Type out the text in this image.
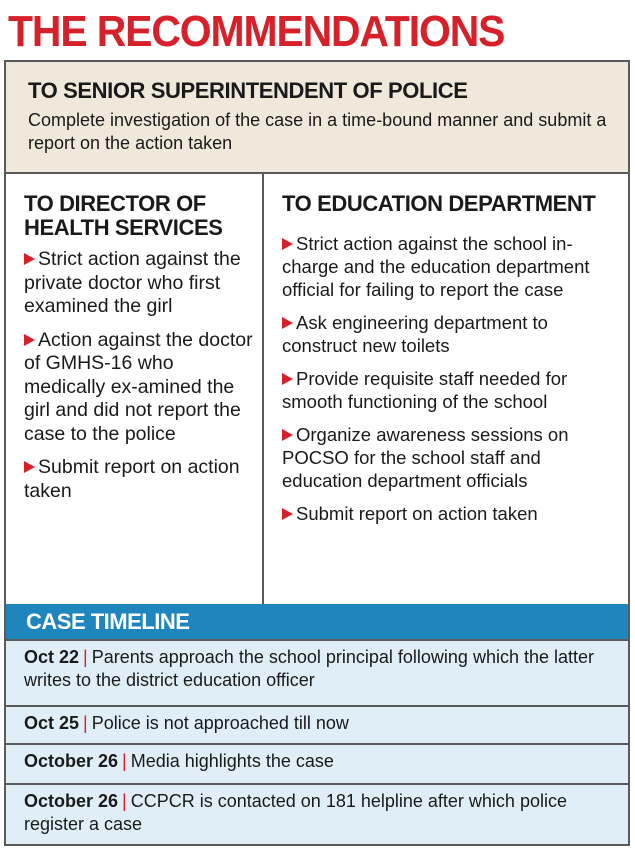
THE RECOMMENDATIONS
TO SENIOR SUPERINTENDENT OF POLICE

Complete investigation of the case in a time-bound manner and submit a report on the action taken

TO DIRECTOR OF HEALTH SERVICES
Strict action against the private doctor who first examined the girl
Action against the doctor of GMHS-16 who medically ex-amined the girl and did not report the case to the police
Submit report on action taken
TO EDUCATION DEPARTMENT
Strict action against the school in-charge and the education department official for failing to report the case
Ask engineering department to construct new toilets
Provide requisite staff needed for smooth functioning of the school
Organize awareness sessions on POCSO for the school staff and education department officials
Submit report on action taken
CASE TIMELINE
Oct 22 | Parents approach the school principal following which the latter writes to the district education officer
Oct 25 | Police is not approached till now
October 26 | Media highlights the case
October 26 | CCPCR is contacted on 181 helpline after which police register a case
